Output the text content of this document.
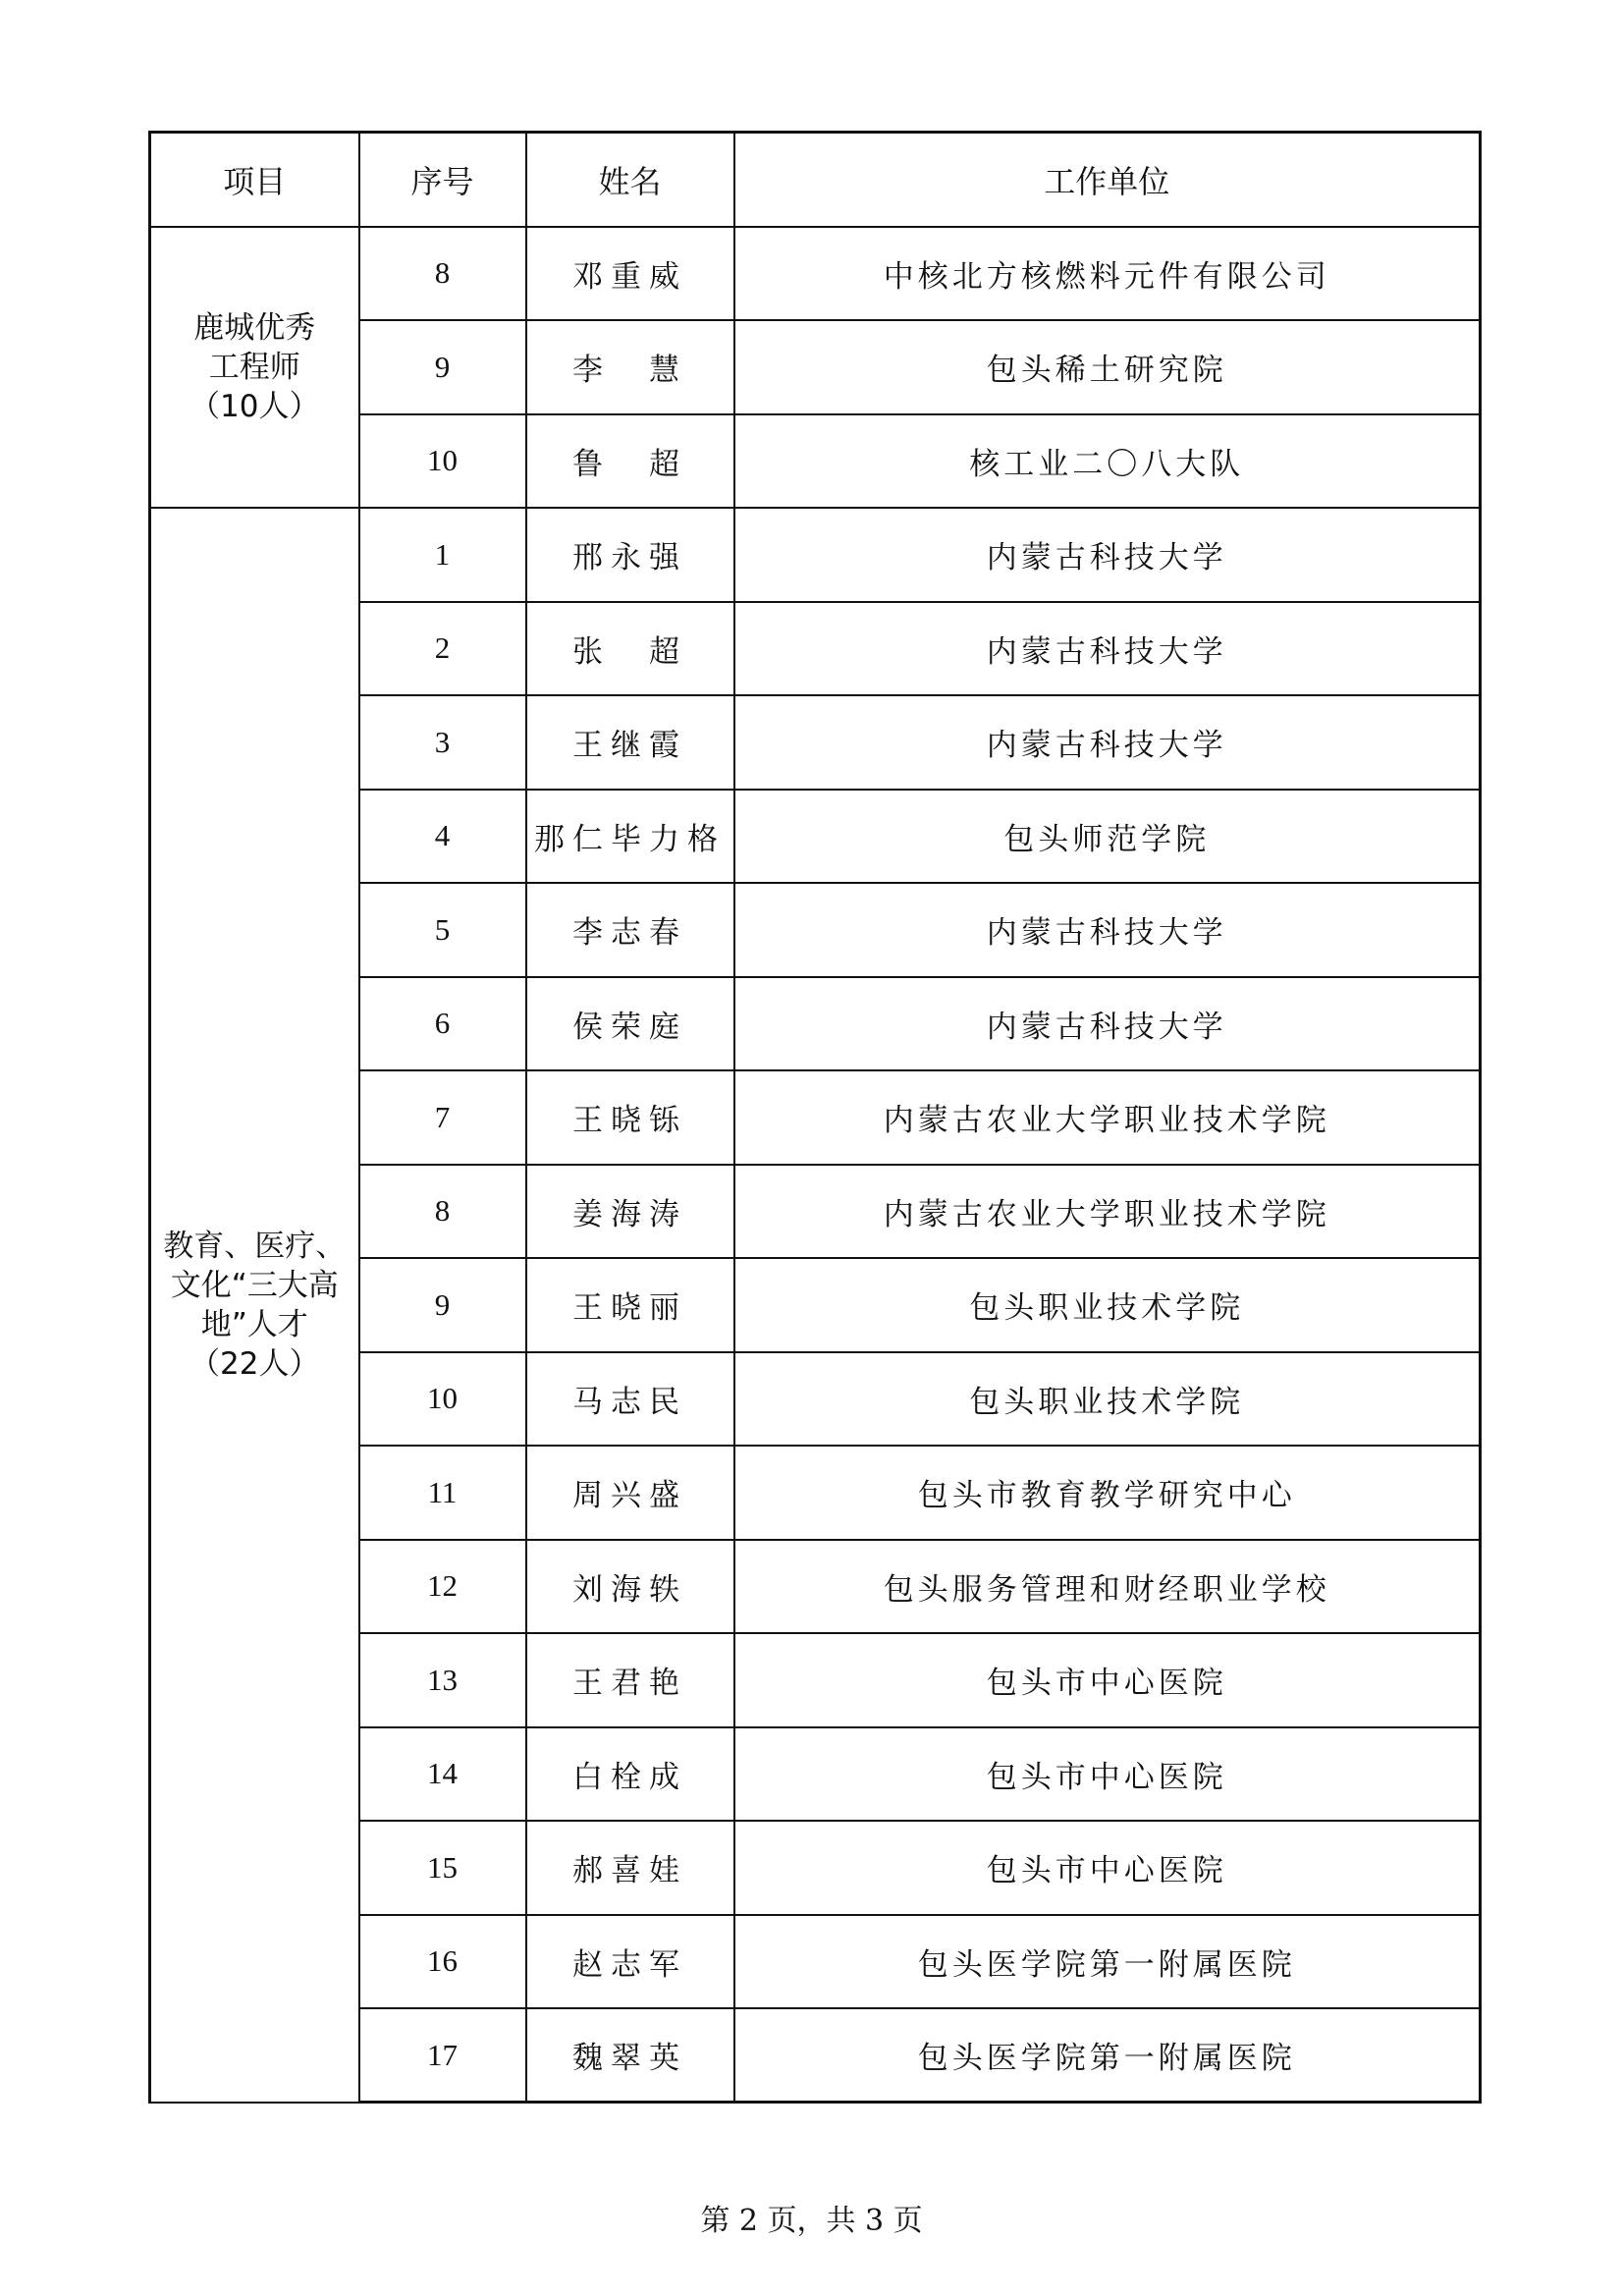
项目	序号	姓名	工作单位
鹿城优秀
工程师
（10人）	8	邓重威	中核北方核燃料元件有限公司
	9	李　慧	包头稀土研究院
	10	鲁　超	核工业二〇八大队
教育、医疗、
文化“三大高
地”人才
（22人）	1	邢永强	内蒙古科技大学
	2	张　超	内蒙古科技大学
	3	王继霞	内蒙古科技大学
	4	那仁毕力格	包头师范学院
	5	李志春	内蒙古科技大学
	6	侯荣庭	内蒙古科技大学
	7	王晓铄	内蒙古农业大学职业技术学院
	8	姜海涛	内蒙古农业大学职业技术学院
	9	王晓丽	包头职业技术学院
	10	马志民	包头职业技术学院
	11	周兴盛	包头市教育教学研究中心
	12	刘海轶	包头服务管理和财经职业学校
	13	王君艳	包头市中心医院
	14	白栓成	包头市中心医院
	15	郝喜娃	包头市中心医院
	16	赵志军	包头医学院第一附属医院
	17	魏翠英	包头医学院第一附属医院
第 2 页，共 3 页
